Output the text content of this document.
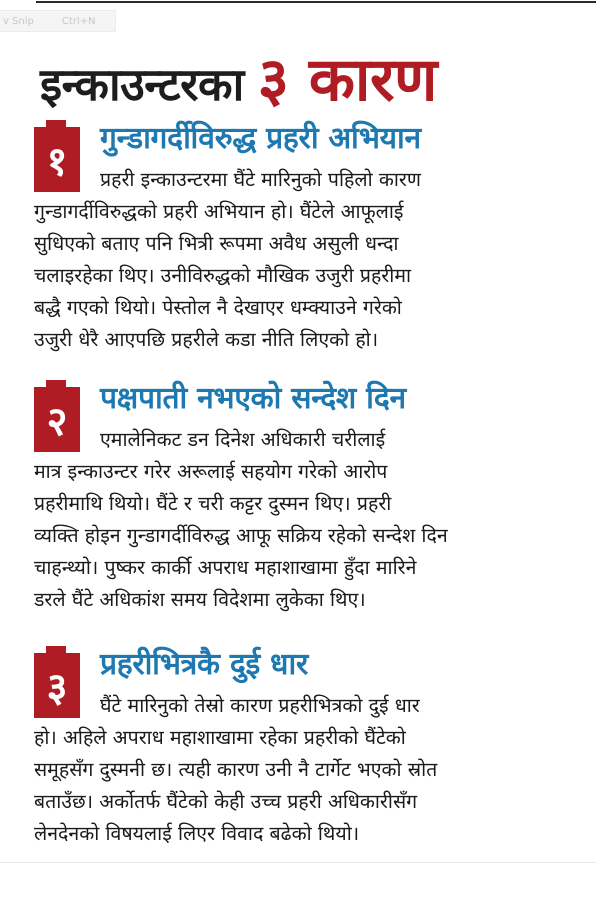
v Snip	Ctrl+N
इन्काउन्टरका ३ कारण
१
गुन्डागर्दीविरुद्ध प्रहरी अभियान
प्रहरी इन्काउन्टरमा घैंटे मारिनुको पहिलो कारण
गुन्डागर्दीविरुद्धको प्रहरी अभियान हो। घैंटेले आफूलाई
सुधिएको बताए पनि भित्री रूपमा अवैध असुली धन्दा
चलाइरहेका थिए। उनीविरुद्धको मौखिक उजुरी प्रहरीमा
बद्धै गएको थियो। पेस्तोल नै देखाएर धम्क्याउने गरेको
उजुरी धेरै आएपछि प्रहरीले कडा नीति लिएको हो।
२
पक्षपाती नभएको सन्देश दिन
एमालेनिकट डन दिनेश अधिकारी चरीलाई
मात्र इन्काउन्टर गरेर अरूलाई सहयोग गरेको आरोप
प्रहरीमाथि थियो। घैंटे र चरी कट्टर दुस्मन थिए। प्रहरी
व्यक्ति होइन गुन्डागर्दीविरुद्ध आफू सक्रिय रहेको सन्देश दिन
चाहन्थ्यो। पुष्कर कार्की अपराध महाशाखामा हुँदा मारिने
डरले घैंटे अधिकांश समय विदेशमा लुकेका थिए।
३
प्रहरीभित्रकै दुई धार
घैंटे मारिनुको तेस्रो कारण प्रहरीभित्रको दुई धार
हो। अहिले अपराध महाशाखामा रहेका प्रहरीको घैंटेको
समूहसँग दुस्मनी छ। त्यही कारण उनी नै टार्गेट भएको स्रोत
बताउँछ। अर्कोतर्फ घैंटेको केही उच्च प्रहरी अधिकारीसँग
लेनदेनको विषयलाई लिएर विवाद बढेको थियो।
